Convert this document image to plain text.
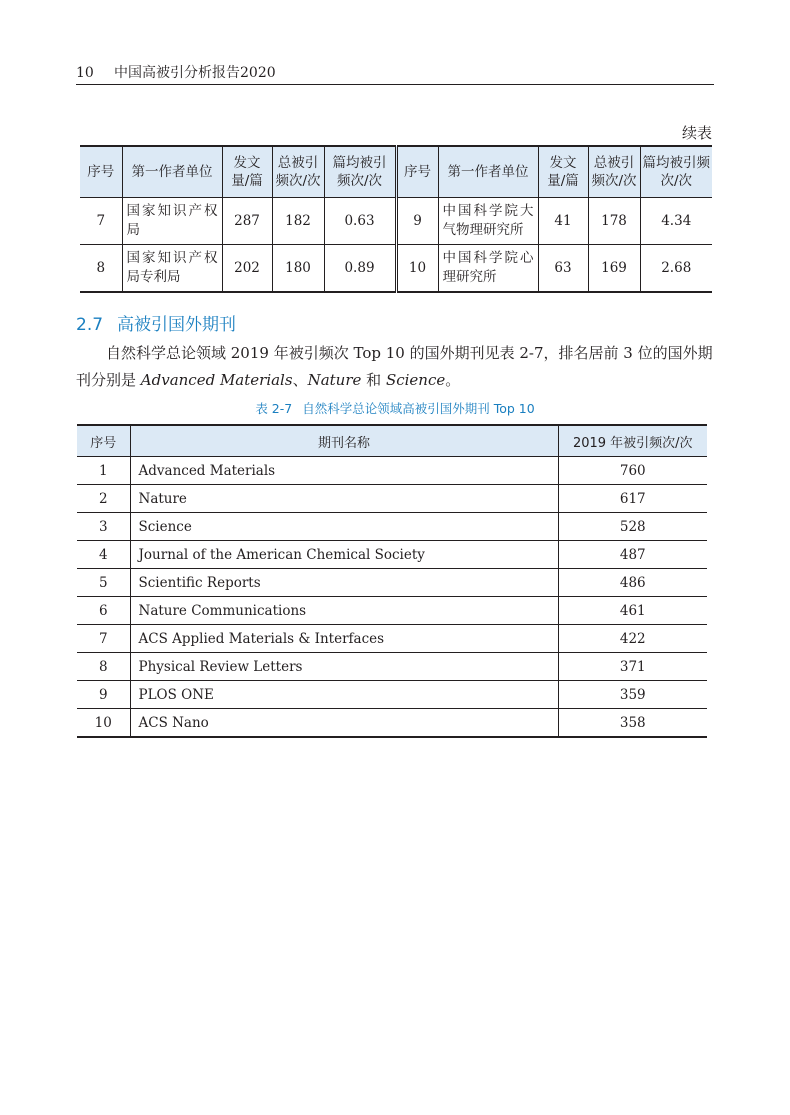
10 中国高被引分析报告2020
续表
序号	第一作者单位	发文量/篇	总被引频次/次	篇均被引频次/次	序号	第一作者单位	发文量/篇	总被引频次/次	篇均被引频次/次
7	国家知识产权局	287	182	0.63	9	中国科学院大气物理研究所	41	178	4.34
8	国家知识产权局专利局	202	180	0.89	10	中国科学院心理研究所	63	169	2.68
2.7 高被引国外期刊

自然科学总论领域 2019 年被引频次 Top 10 的国外期刊见表 2-7，排名居前 3 位的国外期刊分别是 Advanced Materials、Nature 和 Science。

表 2-7 自然科学总论领域高被引国外期刊 Top 10
序号	期刊名称	2019 年被引频次/次
1	Advanced Materials	760
2	Nature	617
3	Science	528
4	Journal of the American Chemical Society	487
5	Scientific Reports	486
6	Nature Communications	461
7	ACS Applied Materials & Interfaces	422
8	Physical Review Letters	371
9	PLOS ONE	359
10	ACS Nano	358
